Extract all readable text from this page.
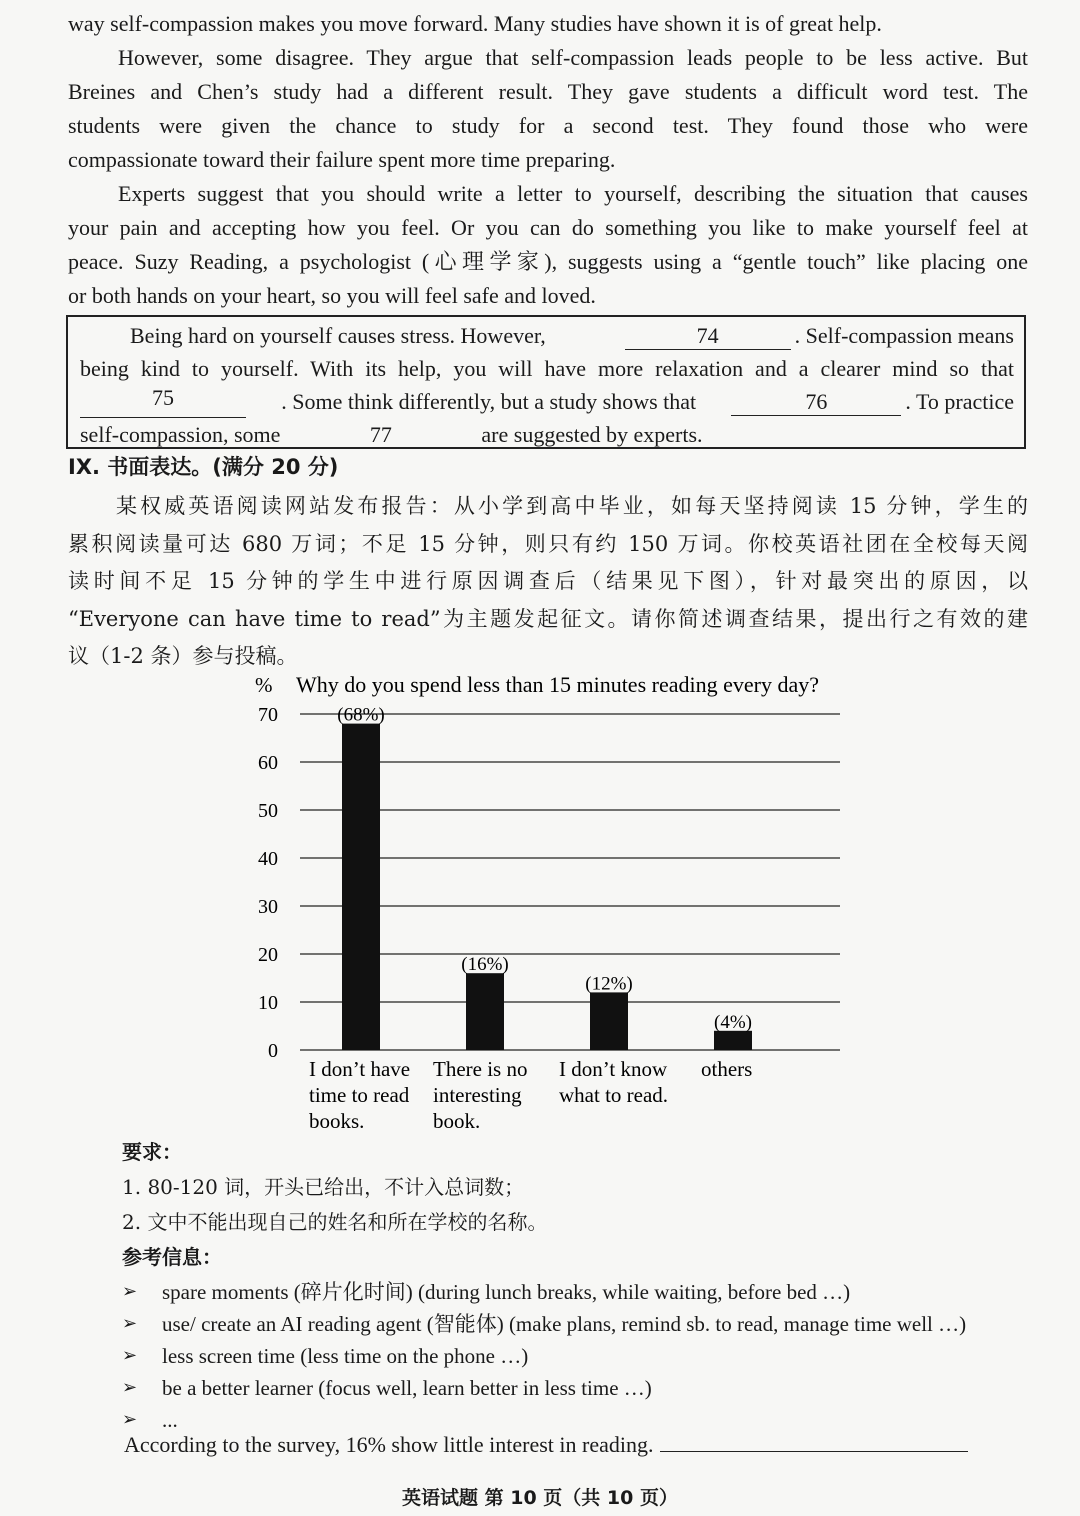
way self-compassion makes you move forward. Many studies have shown it is of great help.
However, some disagree. They argue that self-compassion leads people to be less active. But
Breines and Chen’s study had a different result. They gave students a difficult word test. The
students were given the chance to study for a second test. They found those who were
compassionate toward their failure spent more time preparing.
Experts suggest that you should write a letter to yourself, describing the situation that causes
your pain and accepting how you feel. Or you can do something you like to make yourself feel at
peace. Suzy Reading, a psychologist (心理学家), suggests using a “gentle touch” like placing one
or both hands on your heart, so you will feel safe and loved.
Being hard on yourself causes stress. However,	74	. Self-compassion means
being kind to yourself. With its help, you will have more relaxation and a clearer mind so that
75	. Some think differently, but a study shows that	76	. To practice
self-compassion, some	77	are suggested by experts.
IX. 书面表达。(满分 20 分)
某权威英语阅读网站发布报告：从小学到高中毕业，如每天坚持阅读 15 分钟，学生的
累积阅读量可达 680 万词；不足 15 分钟，则只有约 150 万词。你校英语社团在全校每天阅
读时间不足 15 分钟的学生中进行原因调查后（结果见下图），针对最突出的原因，以
“Everyone can have time to read”为主题发起征文。请你简述调查结果，提出行之有效的建
议（1-2 条）参与投稿。
% Why do you spend less than 15 minutes reading every day?
70
60
50
40
30
20
10
0
(68%)
(16%)
(12%)
(4%)
I don’t have time to read books.
There is no interesting book.
I don’t know what to read.
others
要求：
1. 80-120 词，开头已给出，不计入总词数；
2. 文中不能出现自己的姓名和所在学校的名称。
参考信息：
➢	spare moments (碎片化时间) (during lunch breaks, while waiting, before bed …)
➢	use/ create an AI reading agent (智能体) (make plans, remind sb. to read, manage time well …)
➢	less screen time (less time on the phone …)
➢	be a better learner (focus well, learn better in less time …)
➢	...
According to the survey, 16% show little interest in reading.
英语试题 第 10 页（共 10 页）
